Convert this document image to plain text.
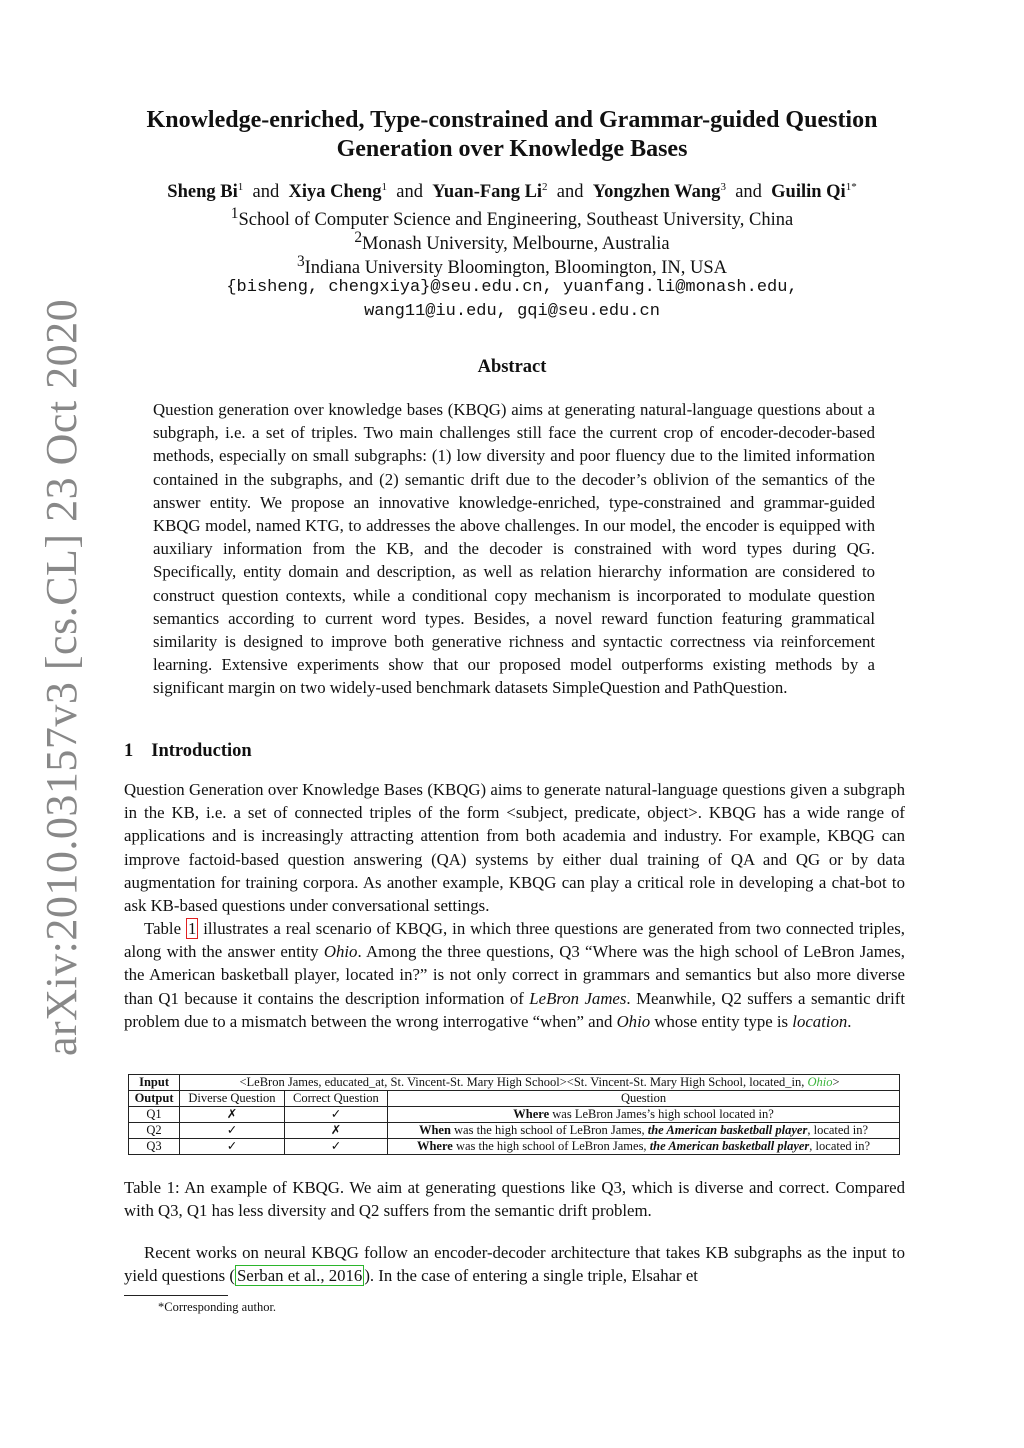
arXiv:2010.03157v3 [cs.CL] 23 Oct 2020
Knowledge-enriched, Type-constrained and Grammar-guided Question
Generation over Knowledge Bases
Sheng Bi$^1$ and Xiya Cheng$^1$ and Yuan-Fang Li$^2$ and Yongzhen Wang$^3$ and Guilin $Qi^{1*}$
$^1$School of Computer Science and Engineering, Southeast University, China
$^2$Monash University, Melbourne, Australia
$^3$Indiana University Bloomington, Bloomington, IN, USA
{bisheng, chengxiya}@seu.edu.cn, yuanfang.li@monash.edu,
wang11@iu.edu, gqi@seu.edu.cn
Abstract
Question generation over knowledge bases (KBQG) aims at generating natural-language questions about a subgraph, i.e. a set of triples. Two main challenges still face the current crop of encoder-decoder-based methods, especially on small subgraphs: (1) low diversity and poor fluency due to the limited information contained in the subgraphs, and (2) semantic drift due to the decoder’s oblivion of the semantics of the answer entity. We propose an innovative knowledge-enriched, type-constrained and grammar-guided KBQG model, named KTG, to addresses the above challenges. In our model, the encoder is equipped with auxiliary information from the KB, and the decoder is constrained with word types during QG. Specifically, entity domain and description, as well as relation hierarchy information are considered to construct question contexts, while a conditional copy mechanism is incorporated to modulate question semantics according to current word types. Besides, a novel reward function featuring grammatical similarity is designed to improve both generative richness and syntactic correctness via reinforcement learning. Extensive experiments show that our proposed model outperforms existing methods by a significant margin on two widely-used benchmark datasets SimpleQuestion and PathQuestion.
1 Introduction

Question Generation over Knowledge Bases (KBQG) aims to generate natural-language questions given a subgraph in the KB, i.e. a set of connected triples of the form <subject, predicate, object>. KBQG has a wide range of applications and is increasingly attracting attention from both academia and industry. For example, KBQG can improve factoid-based question answering (QA) systems by either dual training of QA and QG or by data augmentation for training corpora. As another example, KBQG can play a critical role in developing a chat-bot to ask KB-based questions under conversational settings.

Table 1 illustrates a real scenario of KBQG, in which three questions are generated from two connected triples, along with the answer entity Ohio. Among the three questions, Q3 “Where was the high school of LeBron James, the American basketball player, located in?” is not only correct in grammars and semantics but also more diverse than Q1 because it contains the description information of LeBron James. Meanwhile, Q2 suffers a semantic drift problem due to a mismatch between the wrong interrogative “when” and Ohio whose entity type is location.

Input	<LeBron James, educated_at, St. Vincent-St. Mary High School><St. Vincent-St. Mary High School, located_in, Ohio>		
Output	Diverse Question	Correct Question	Question
Q1	✗	✓	Where was LeBron James’s high school located in?
Q2	✓	✗	When was the high school of LeBron James, the American basketball player, located in?
Q3	✓	✓	Where was the high school of LeBron James, the American basketball player, located in?
Table 1: An example of KBQG. We aim at generating questions like Q3, which is diverse and correct. Compared with Q3, Q1 has less diversity and Q2 suffers from the semantic drift problem.

Recent works on neural KBQG follow an encoder-decoder architecture that takes KB subgraphs as the input to yield questions ( Serban et al., 2016 ). In the case of entering a single triple, Elsahar et

*Corresponding author.
